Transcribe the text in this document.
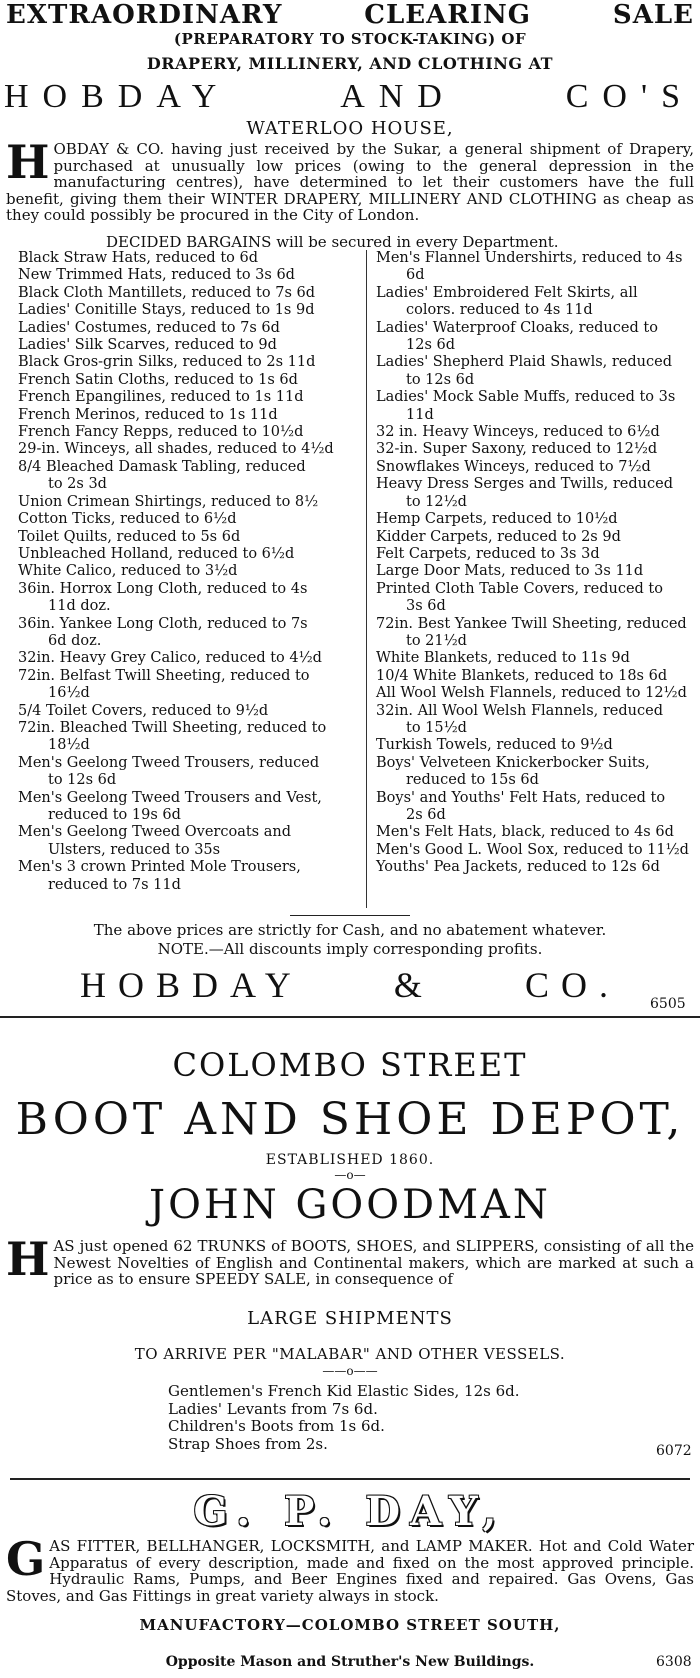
EXTRAORDINARY	CLEARING	SALE
(PREPARATORY TO STOCK-TAKING) OF
DRAPERY, MILLINERY, AND CLOTHING AT
HOBDAY	AND	CO'S
WATERLOO HOUSE,
H OBDAY & CO. having just received by the Sukar, a general shipment of Drapery, purchased at unusually low prices (owing to the general depression in the manufacturing centres), have determined to let their customers have the full benefit, giving them their WINTER DRAPERY, MILLINERY AND CLOTHING as cheap as they could possibly be procured in the City of London.
DECIDED BARGAINS will be secured in every Department.
Black Straw Hats, reduced to 6d
New Trimmed Hats, reduced to 3s 6d
Black Cloth Mantillets, reduced to 7s 6d
Ladies' Conitille Stays, reduced to 1s 9d
Ladies' Costumes, reduced to 7s 6d
Ladies' Silk Scarves, reduced to 9d
Black Gros-grin Silks, reduced to 2s 11d
French Satin Cloths, reduced to 1s 6d
French Epangilines, reduced to 1s 11d
French Merinos, reduced to 1s 11d
French Fancy Repps, reduced to 10½d
29-in. Winceys, all shades, reduced to 4½d
8/4 Bleached Damask Tabling, reduced
to 2s 3d
Union Crimean Shirtings, reduced to 8½
Cotton Ticks, reduced to 6½d
Toilet Quilts, reduced to 5s 6d
Unbleached Holland, reduced to 6½d
White Calico, reduced to 3½d
36in. Horrox Long Cloth, reduced to 4s
11d doz.
36in. Yankee Long Cloth, reduced to 7s
6d doz.
32in. Heavy Grey Calico, reduced to 4½d
72in. Belfast Twill Sheeting, reduced to
16½d
5/4 Toilet Covers, reduced to 9½d
72in. Bleached Twill Sheeting, reduced to
18½d
Men's Geelong Tweed Trousers, reduced
to 12s 6d
Men's Geelong Tweed Trousers and Vest,
reduced to 19s 6d
Men's Geelong Tweed Overcoats and
Ulsters, reduced to 35s
Men's 3 crown Printed Mole Trousers,
reduced to 7s 11d
Men's Flannel Undershirts, reduced to 4s
6d
Ladies' Embroidered Felt Skirts, all
colors. reduced to 4s 11d
Ladies' Waterproof Cloaks, reduced to
12s 6d
Ladies' Shepherd Plaid Shawls, reduced
to 12s 6d
Ladies' Mock Sable Muffs, reduced to 3s
11d
32 in. Heavy Winceys, reduced to 6½d
32-in. Super Saxony, reduced to 12½d
Snowflakes Winceys, reduced to 7½d
Heavy Dress Serges and Twills, reduced
to 12½d
Hemp Carpets, reduced to 10½d
Kidder Carpets, reduced to 2s 9d
Felt Carpets, reduced to 3s 3d
Large Door Mats, reduced to 3s 11d
Printed Cloth Table Covers, reduced to
3s 6d
72in. Best Yankee Twill Sheeting, reduced
to 21½d
White Blankets, reduced to 11s 9d
10/4 White Blankets, reduced to 18s 6d
All Wool Welsh Flannels, reduced to 12½d
32in. All Wool Welsh Flannels, reduced
to 15½d
Turkish Towels, reduced to 9½d
Boys' Velveteen Knickerbocker Suits,
reduced to 15s 6d
Boys' and Youths' Felt Hats, reduced to
2s 6d
Men's Felt Hats, black, reduced to 4s 6d
Men's Good L. Wool Sox, reduced to 11½d
Youths' Pea Jackets, reduced to 12s 6d
The above prices are strictly for Cash, and no abatement whatever.
NOTE.—All discounts imply corresponding profits.
HOBDAY	&	CO. 6505
COLOMBO STREET
BOOT AND SHOE DEPOT,
ESTABLISHED 1860.
—o—
JOHN GOODMAN
H AS just opened 62 TRUNKS of BOOTS, SHOES, and SLIPPERS, consisting of all the Newest Novelties of English and Continental makers, which are marked at such a price as to ensure SPEEDY SALE, in consequence of
LARGE SHIPMENTS
TO ARRIVE PER "MALABAR" AND OTHER VESSELS.
——o——
Gentlemen's French Kid Elastic Sides, 12s 6d.
Ladies' Levants from 7s 6d.
Children's Boots from 1s 6d.
Strap Shoes from 2s.	6072
G. P. DAY,
G AS FITTER, BELLHANGER, LOCKSMITH, and LAMP MAKER. Hot and Cold Water Apparatus of every description, made and fixed on the most approved principle. Hydraulic Rams, Pumps, and Beer Engines fixed and repaired. Gas Ovens, Gas Stoves, and Gas Fittings in great variety always in stock.
MANUFACTORY—COLOMBO STREET SOUTH,
Opposite Mason and Struther's New Buildings.	6308
